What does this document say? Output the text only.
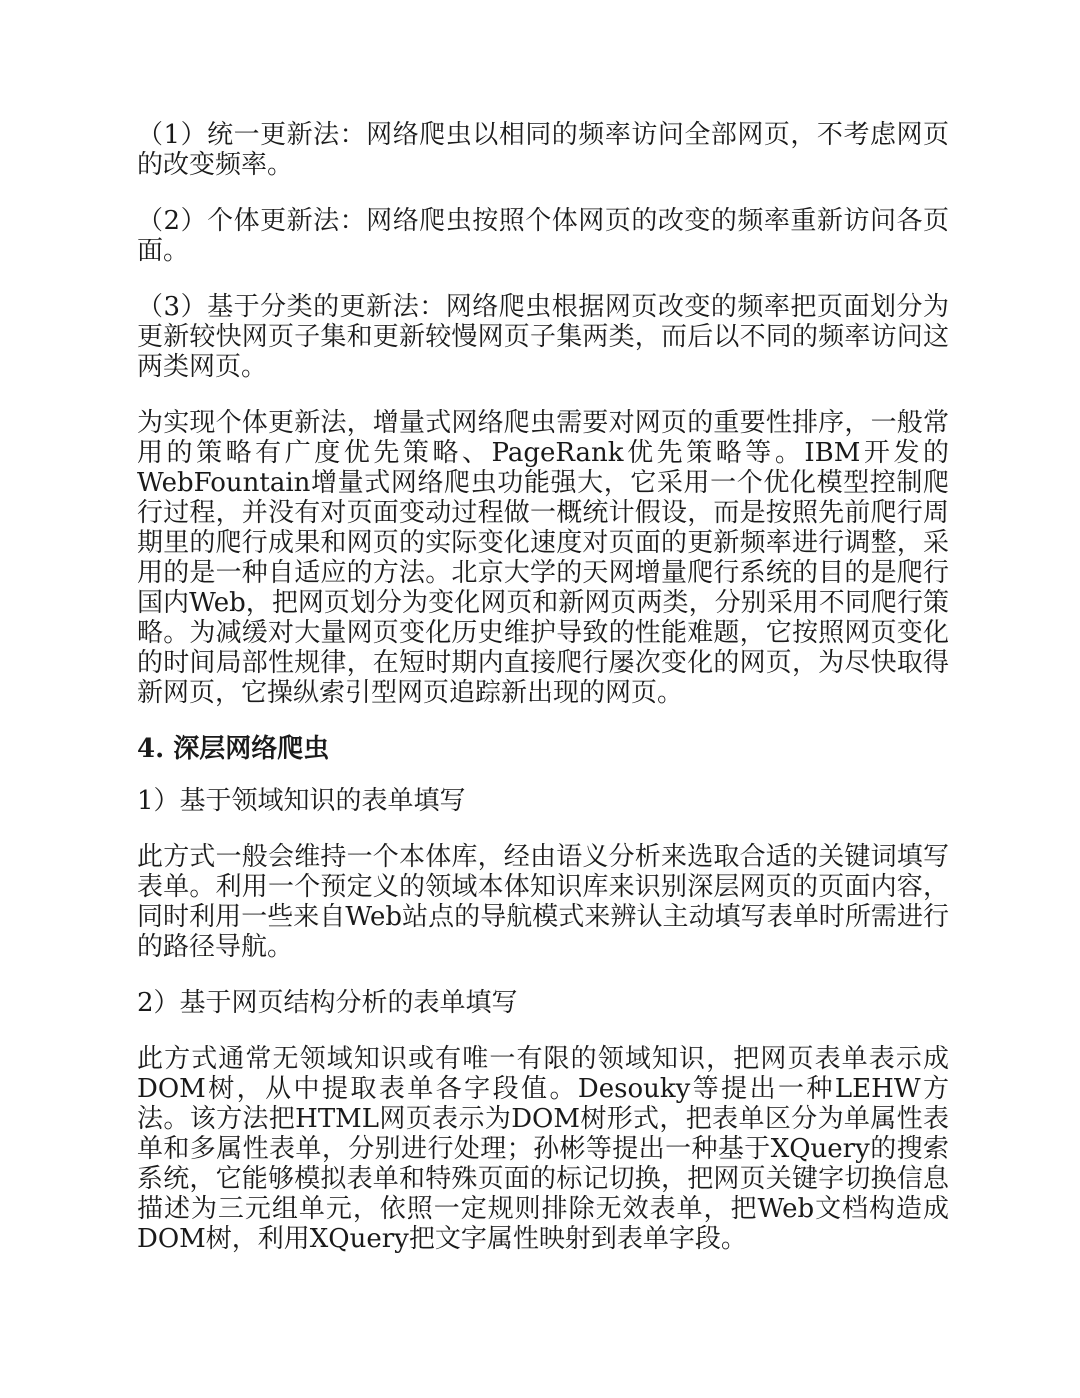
（1）统一更新法：网络爬虫以相同的频率访问全部网页，不考虑网页的改变频率。

（2）个体更新法：网络爬虫按照个体网页的改变的频率重新访问各页面。

（3）基于分类的更新法：网络爬虫根据网页改变的频率把页面划分为更新较快网页子集和更新较慢网页子集两类，而后以不同的频率访问这两类网页。

为实现个体更新法，增量式网络爬虫需要对网页的重要性排序，一般常用的策略有广度优先策略、PageRank优先策略等。IBM开发的WebFountain增量式网络爬虫功能强大，它采用一个优化模型控制爬行过程，并没有对页面变动过程做一概统计假设，而是按照先前爬行周期里的爬行成果和网页的实际变化速度对页面的更新频率进行调整，采用的是一种自适应的方法。北京大学的天网增量爬行系统的目的是爬行国内Web，把网页划分为变化网页和新网页两类，分别采用不同爬行策略。为减缓对大量网页变化历史维护导致的性能难题，它按照网页变化的时间局部性规律，在短时期内直接爬行屡次变化的网页，为尽快取得新网页，它操纵索引型网页追踪新出现的网页。

4. 深层网络爬虫

1）基于领域知识的表单填写

此方式一般会维持一个本体库，经由语义分析来选取合适的关键词填写表单。利用一个预定义的领域本体知识库来识别深层网页的页面内容，同时利用一些来自Web站点的导航模式来辨认主动填写表单时所需进行的路径导航。

2）基于网页结构分析的表单填写

此方式通常无领域知识或有唯一有限的领域知识，把网页表单表示成DOM树，从中提取表单各字段值。Desouky等提出一种LEHW方法。该方法把HTML网页表示为DOM树形式，把表单区分为单属性表单和多属性表单，分别进行处理；孙彬等提出一种基于XQuery的搜索系统，它能够模拟表单和特殊页面的标记切换，把网页关键字切换信息描述为三元组单元，依照一定规则排除无效表单，把Web文档构造成DOM树，利用XQuery把文字属性映射到表单字段。
